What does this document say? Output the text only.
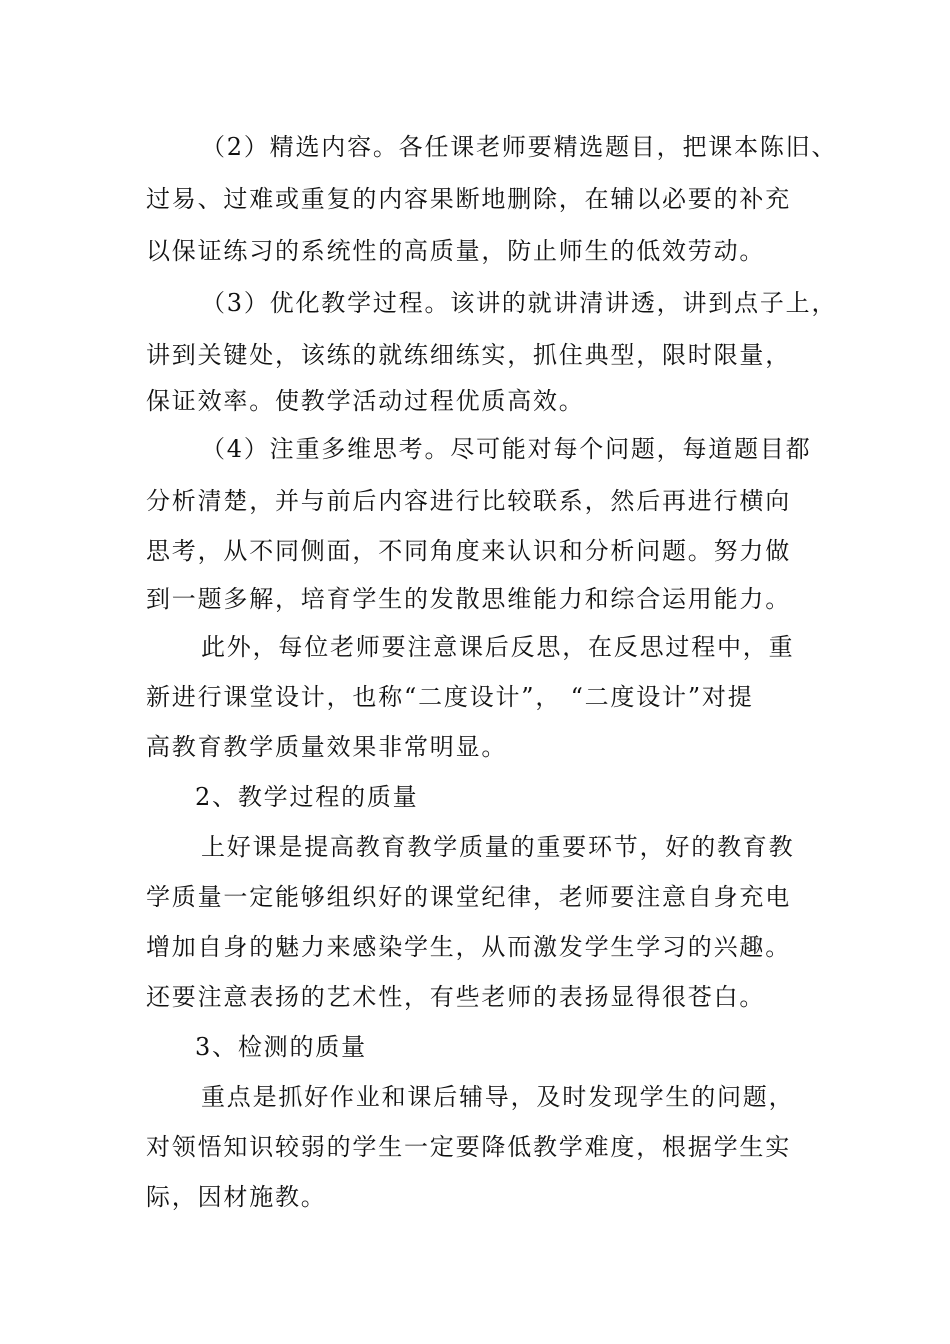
（2）精选内容。各任课老师要精选题目，把课本陈旧、
过易、过难或重复的内容果断地删除，在辅以必要的补充
以保证练习的系统性的高质量，防止师生的低效劳动。
（3）优化教学过程。该讲的就讲清讲透，讲到点子上，
讲到关键处，该练的就练细练实，抓住典型，限时限量，
保证效率。使教学活动过程优质高效。
（4）注重多维思考。尽可能对每个问题，每道题目都
分析清楚，并与前后内容进行比较联系，然后再进行横向
思考，从不同侧面，不同角度来认识和分析问题。努力做
到一题多解，培育学生的发散思维能力和综合运用能力。
此外，每位老师要注意课后反思，在反思过程中，重
新进行课堂设计，也称“二度设计”， “二度设计”对提
高教育教学质量效果非常明显。
2、教学过程的质量
上好课是提高教育教学质量的重要环节，好的教育教
学质量一定能够组织好的课堂纪律，老师要注意自身充电
增加自身的魅力来感染学生，从而激发学生学习的兴趣。
还要注意表扬的艺术性，有些老师的表扬显得很苍白。
3、检测的质量
重点是抓好作业和课后辅导，及时发现学生的问题，
对领悟知识较弱的学生一定要降低教学难度，根据学生实
际，因材施教。
